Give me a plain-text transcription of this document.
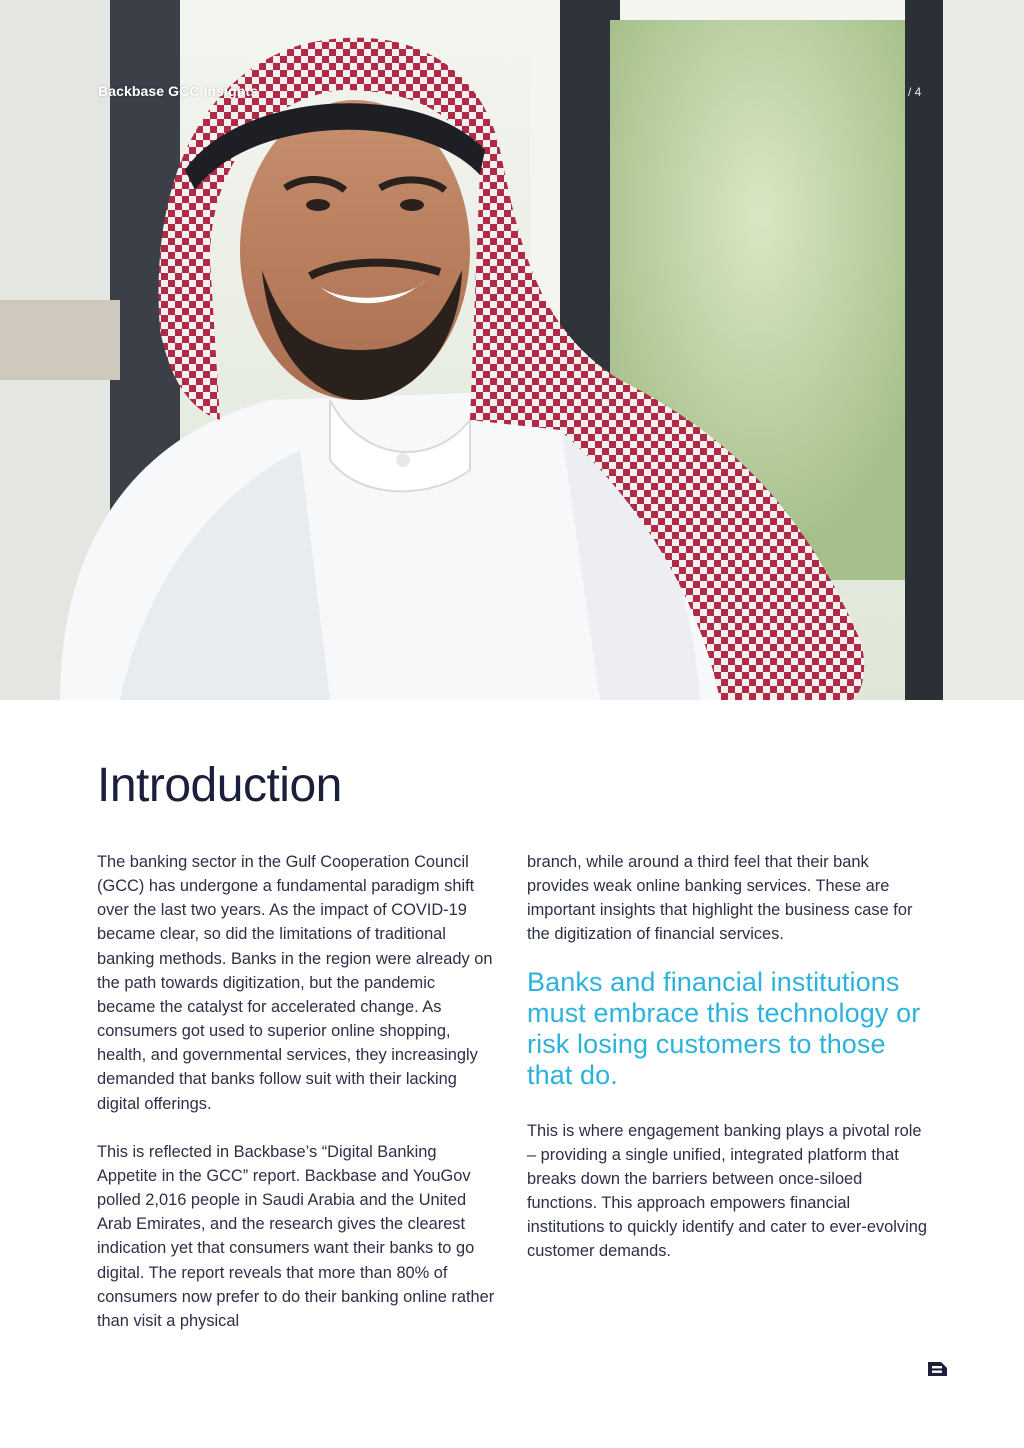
Backbase GCC Insights	/ 4
Introduction

The banking sector in the Gulf Cooperation Council (GCC) has undergone a fundamental paradigm shift over the last two years. As the impact of COVID-19 became clear, so did the limitations of traditional banking methods. Banks in the region were already on the path towards digitization, but the pandemic became the catalyst for accelerated change. As consumers got used to superior online shopping, health, and governmental services, they increasingly demanded that banks follow suit with their lacking digital offerings.

This is reflected in Backbase’s “Digital Banking Appetite in the GCC” report. Backbase and YouGov polled 2,016 people in Saudi Arabia and the United Arab Emirates, and the research gives the clearest indication yet that consumers want their banks to go digital. The report reveals that more than 80% of consumers now prefer to do their banking online rather than visit a physical

branch, while around a third feel that their bank provides weak online banking services. These are important insights that highlight the business case for the digitization of financial services.

Banks and financial institutions must embrace this technology or risk losing customers to those that do.

This is where engagement banking plays a pivotal role – providing a single unified, integrated platform that breaks down the barriers between once-siloed functions. This approach empowers financial institutions to quickly identify and cater to ever-evolving customer demands.
